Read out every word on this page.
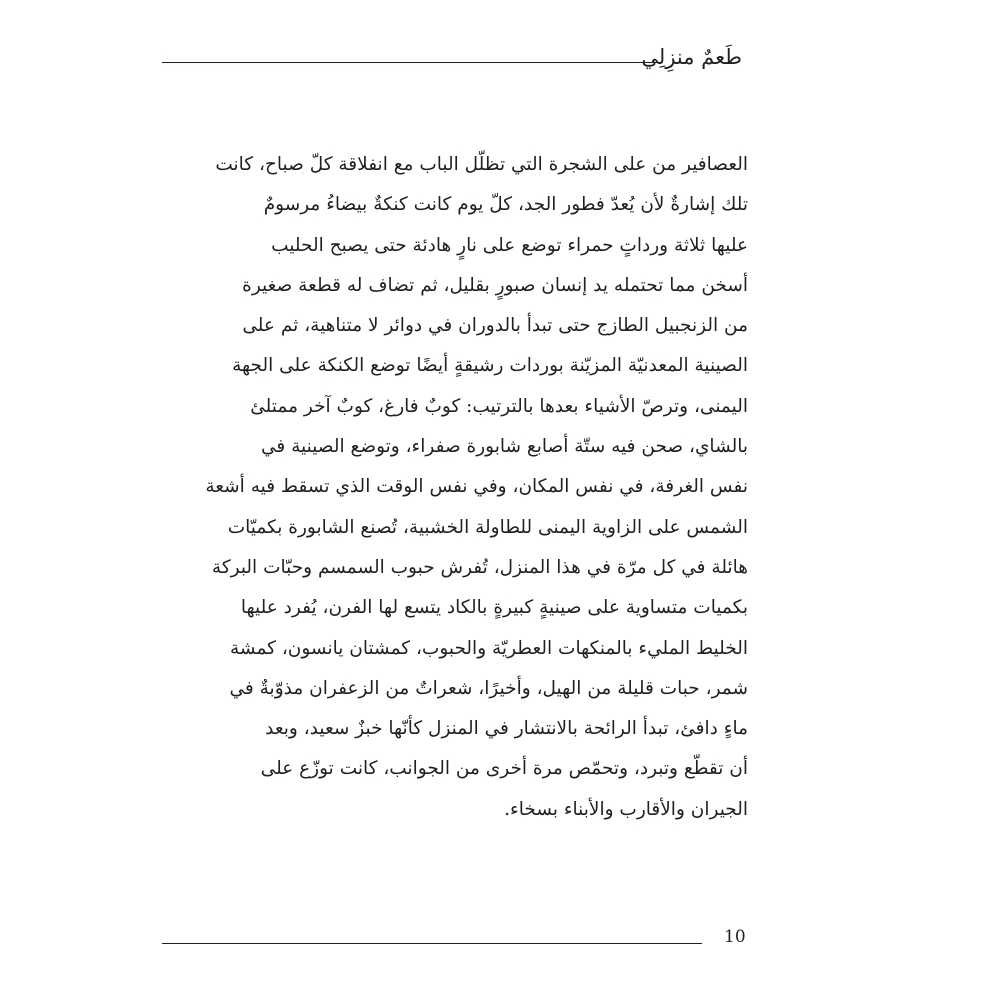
طَعمٌ منزِلِي
العصافير من على الشجرة التي تظلّل الباب مع انفلاقة كلّ صباح، كانت
تلك إشارةٌ لأن يُعدّ فطور الجد، كلّ يوم كانت كنكةٌ بيضاءُ مرسومٌ
عليها ثلاثة ورداتٍ حمراء توضع على نارٍ هادئة حتى يصبح الحليب
أسخن مما تحتمله يد إنسان صبورٍ بقليل، ثم تضاف له قطعة صغيرة
من الزنجبيل الطازج حتى تبدأ بالدوران في دوائر لا متناهية، ثم على
الصينية المعدنيّة المزيّنة بوردات رشيقةٍ أيضًا توضع الكنكة على الجهة
اليمنى، وترصّ الأشياء بعدها بالترتيب: كوبٌ فارغ، كوبٌ آخر ممتلئ
بالشاي، صحن فيه ستّة أصابع شابورة صفراء، وتوضع الصينية في
نفس الغرفة، في نفس المكان، وفي نفس الوقت الذي تسقط فيه أشعة
الشمس على الزاوية اليمنى للطاولة الخشبية، تُصنع الشابورة بكميّات
هائلة في كل مرّة في هذا المنزل، تُفرش حبوب السمسم وحبّات البركة
بكميات متساوية على صينيةٍ كبيرةٍ بالكاد يتسع لها الفرن، يُفرد عليها
الخليط المليء بالمنكهات العطريّة والحبوب، كمشتان يانسون، كمشة
شمر، حبات قليلة من الهيل، وأخيرًا، شعراتٌ من الزعفران مذوّبةٌ في
ماءٍ دافئ، تبدأ الرائحة بالانتشار في المنزل كأنّها خبزٌ سعيد، وبعد
أن تقطّع وتبرد، وتحمّص مرة أخرى من الجوانب، كانت توزّع على
الجيران والأقارب والأبناء بسخاء.
10
